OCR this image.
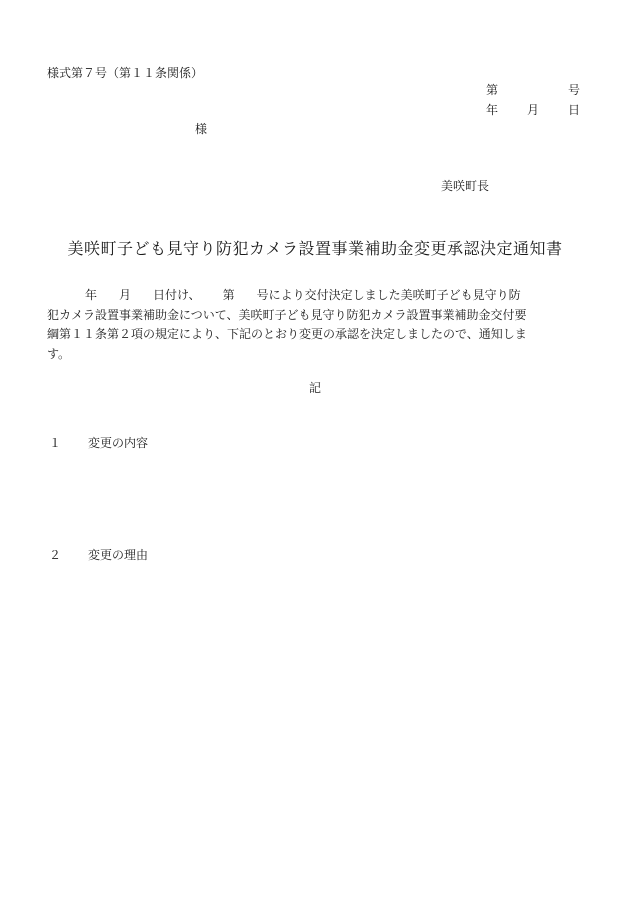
様式第７号（第１１条関係）
第	号
年 月 日
様
美咲町長
美咲町子ども見守り防犯カメラ設置事業補助金変更承認決定通知書
年 月 日付け、 第 号により交付決定しました美咲町子ども見守り防
犯カメラ設置事業補助金について、美咲町子ども見守り防犯カメラ設置事業補助金交付要
綱第１１条第２項の規定により、下記のとおり変更の承認を決定しましたので、通知しま
す。
記
１ 変更の内容
２ 変更の理由
